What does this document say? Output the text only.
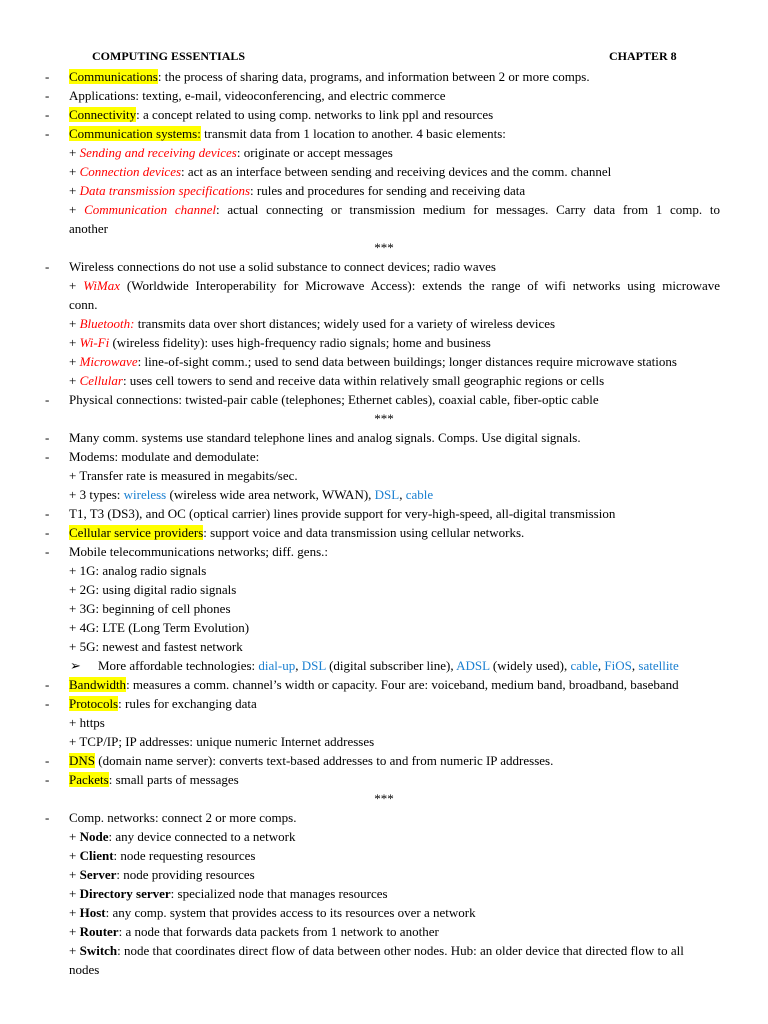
COMPUTING ESSENTIALS	CHAPTER 8
- Communications: the process of sharing data, programs, and information between 2 or more comps.
- Applications: texting, e-mail, videoconferencing, and electric commerce
- Connectivity: a concept related to using comp. networks to link ppl and resources
- Communication systems: transmit data from 1 location to another. 4 basic elements:
+ Sending and receiving devices: originate or accept messages
+ Connection devices: act as an interface between sending and receiving devices and the comm. channel
+ Data transmission specifications: rules and procedures for sending and receiving data
+ Communication channel: actual connecting or transmission medium for messages. Carry data from 1 comp. to
another
***
- Wireless connections do not use a solid substance to connect devices; radio waves
+ WiMax (Worldwide Interoperability for Microwave Access): extends the range of wifi networks using microwave
conn.
+ Bluetooth: transmits data over short distances; widely used for a variety of wireless devices
+ Wi-Fi (wireless fidelity): uses high-frequency radio signals; home and business
+ Microwave: line-of-sight comm.; used to send data between buildings; longer distances require microwave stations
+ Cellular: uses cell towers to send and receive data within relatively small geographic regions or cells
- Physical connections: twisted-pair cable (telephones; Ethernet cables), coaxial cable, fiber-optic cable
***
- Many comm. systems use standard telephone lines and analog signals. Comps. Use digital signals.
- Modems: modulate and demodulate:
+ Transfer rate is measured in megabits/sec.
+ 3 types: wireless (wireless wide area network, WWAN), DSL, cable
- T1, T3 (DS3), and OC (optical carrier) lines provide support for very-high-speed, all-digital transmission
- Cellular service providers: support voice and data transmission using cellular networks.
- Mobile telecommunications networks; diff. gens.:
+ 1G: analog radio signals
+ 2G: using digital radio signals
+ 3G: beginning of cell phones
+ 4G: LTE (Long Term Evolution)
+ 5G: newest and fastest network
➢ More affordable technologies: dial-up, DSL (digital subscriber line), ADSL (widely used), cable, FiOS, satellite
- Bandwidth: measures a comm. channel’s width or capacity. Four are: voiceband, medium band, broadband, baseband
- Protocols: rules for exchanging data
+ https
+ TCP/IP; IP addresses: unique numeric Internet addresses
- DNS (domain name server): converts text-based addresses to and from numeric IP addresses.
- Packets: small parts of messages
***
- Comp. networks: connect 2 or more comps.
+ Node: any device connected to a network
+ Client: node requesting resources
+ Server: node providing resources
+ Directory server: specialized node that manages resources
+ Host: any comp. system that provides access to its resources over a network
+ Router: a node that forwards data packets from 1 network to another
+ Switch: node that coordinates direct flow of data between other nodes. Hub: an older device that directed flow to all
nodes
